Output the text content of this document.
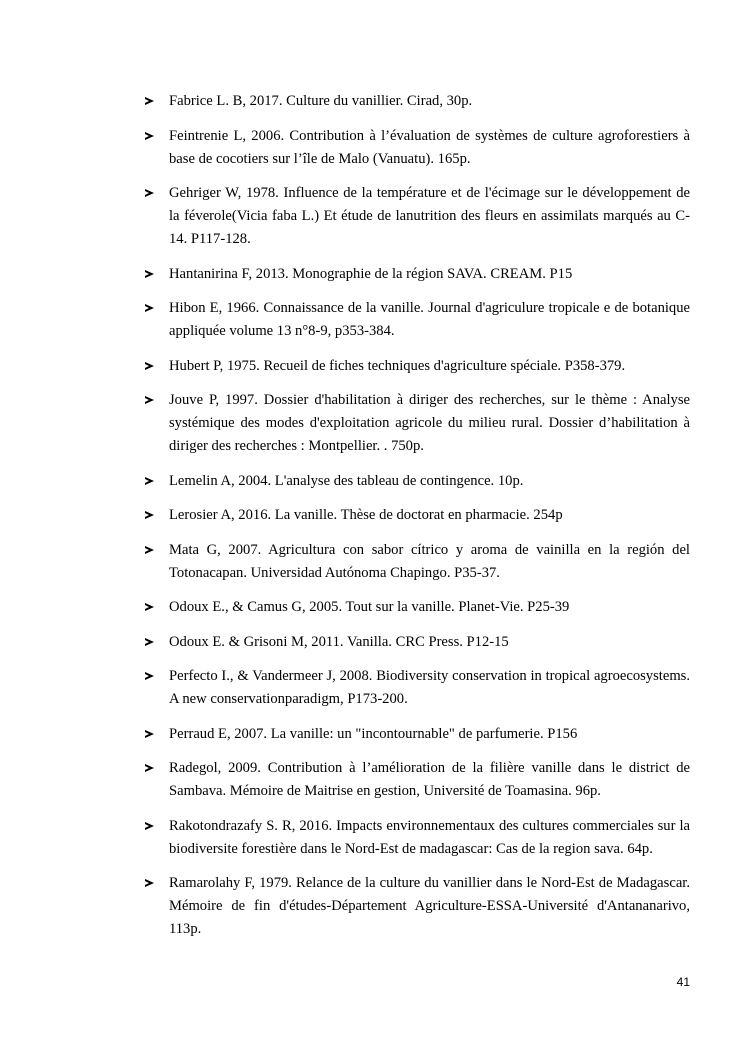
Fabrice L. B, 2017. Culture du vanillier. Cirad, 30p.
Feintrenie L, 2006. Contribution à l’évaluation de systèmes de culture agroforestiers à base de cocotiers sur l’île de Malo (Vanuatu). 165p.
Gehriger W, 1978. Influence de la température et de l'écimage sur le développement de la féverole(Vicia faba L.) Et étude de lanutrition des fleurs en assimilats marqués au C-14. P117-128.
Hantanirina F, 2013. Monographie de la région SAVA. CREAM. P15
Hibon E, 1966. Connaissance de la vanille. Journal d'agriculure tropicale e de botanique appliquée volume 13 n°8-9, p353-384.
Hubert P, 1975. Recueil de fiches techniques d'agriculture spéciale. P358-379.
Jouve P, 1997. Dossier d'habilitation à diriger des recherches, sur le thème : Analyse systémique des modes d'exploitation agricole du milieu rural. Dossier d’habilitation à diriger des recherches : Montpellier. . 750p.
Lemelin A, 2004. L'analyse des tableau de contingence. 10p.
Lerosier A, 2016. La vanille. Thèse de doctorat en pharmacie. 254p
Mata G, 2007. Agricultura con sabor cítrico y aroma de vainilla en la región del Totonacapan. Universidad Autónoma Chapingo. P35-37.
Odoux E., & Camus G, 2005. Tout sur la vanille. Planet-Vie. P25-39
Odoux E. & Grisoni M, 2011. Vanilla. CRC Press. P12-15
Perfecto I., & Vandermeer J, 2008. Biodiversity conservation in tropical agroecosystems. A new conservationparadigm, P173-200.
Perraud E, 2007. La vanille: un "incontournable" de parfumerie. P156
Radegol, 2009. Contribution à l’amélioration de la filière vanille dans le district de Sambava. Mémoire de Maitrise en gestion, Université de Toamasina. 96p.
Rakotondrazafy S. R, 2016. Impacts environnementaux des cultures commerciales sur la biodiversite forestière dans le Nord-Est de madagascar: Cas de la region sava. 64p.
Ramarolahy F, 1979. Relance de la culture du vanillier dans le Nord-Est de Madagascar. Mémoire de fin d'études-Département Agriculture-ESSA-Université d'Antananarivo, 113p.
41
